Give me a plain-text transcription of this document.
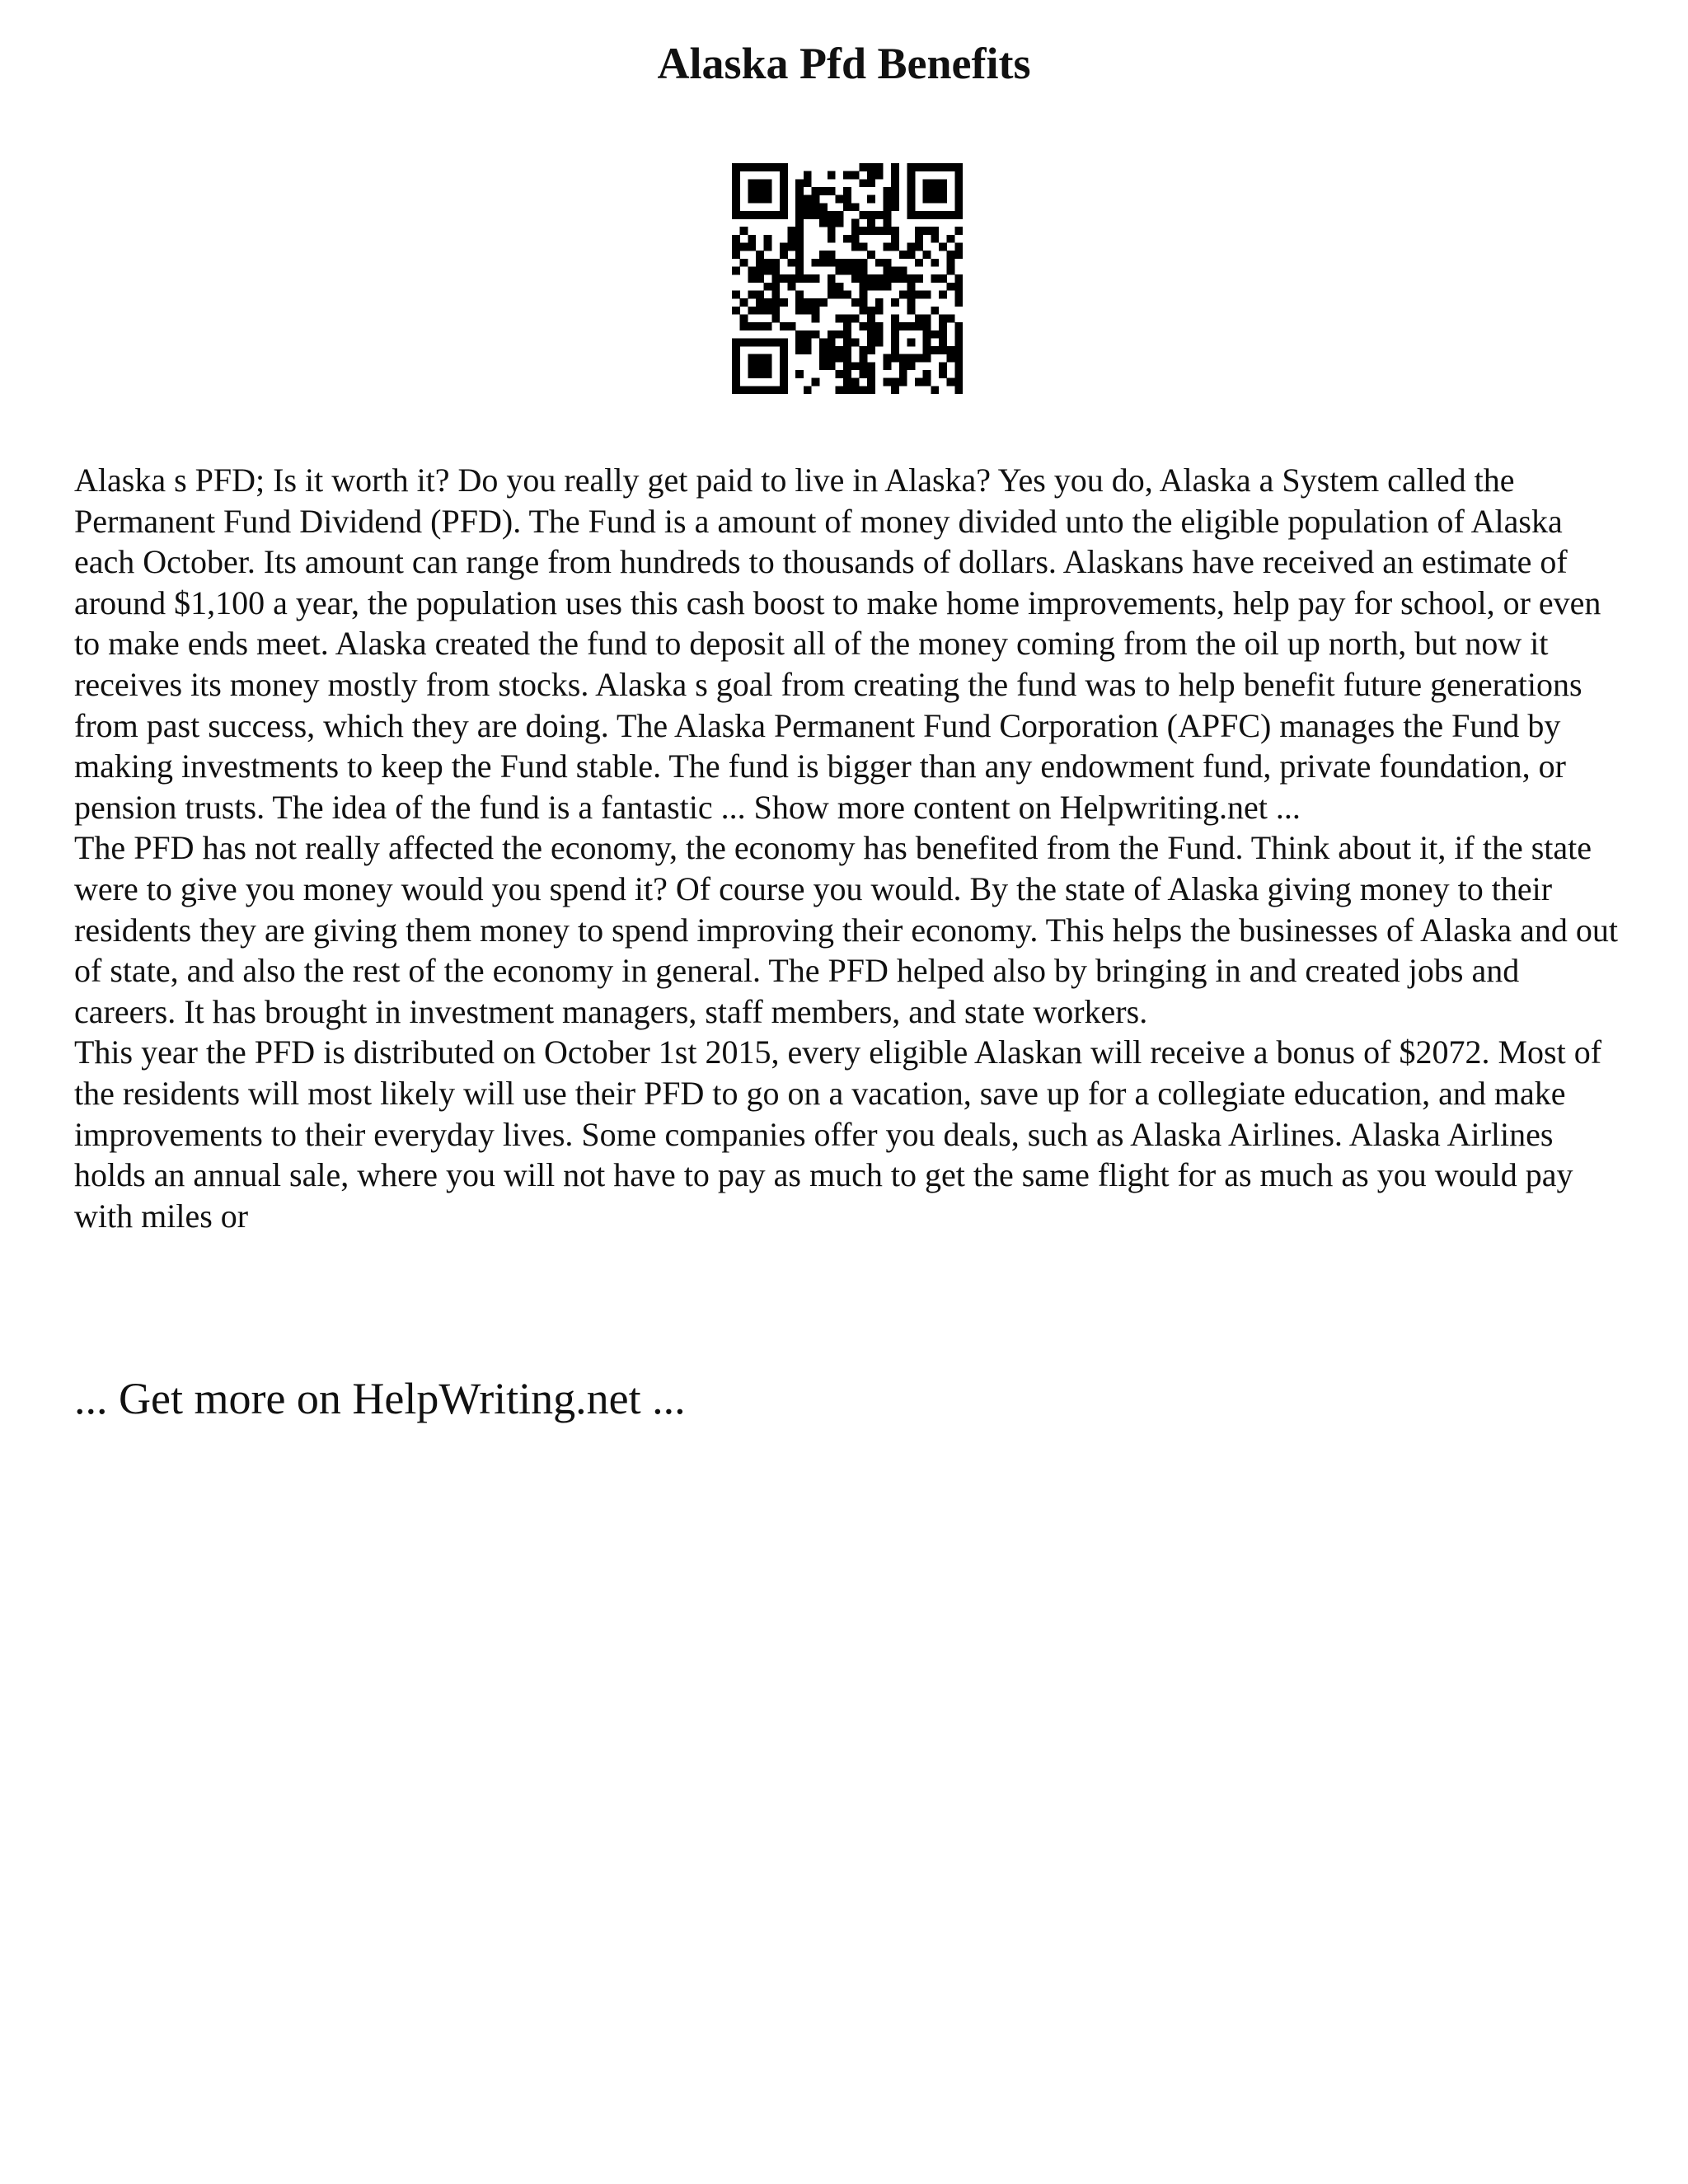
Alaska Pfd Benefits

Alaska s PFD; Is it worth it? Do you really get paid to live in Alaska? Yes you do, Alaska a System called the Permanent Fund Dividend (PFD). The Fund is a amount of money divided unto the eligible population of Alaska each October. Its amount can range from hundreds to thousands of dollars. Alaskans have received an estimate of around $1,100 a year, the population uses this cash boost to make home improvements, help pay for school, or even to make ends meet. Alaska created the fund to deposit all of the money coming from the oil up north, but now it receives its money mostly from stocks. Alaska s goal from creating the fund was to help benefit future generations from past success, which they are doing. The Alaska Permanent Fund Corporation (APFC) manages the Fund by making investments to keep the Fund stable. The fund is bigger than any endowment fund, private foundation, or pension trusts. The idea of the fund is a fantastic ... Show more content on Helpwriting.net ...

The PFD has not really affected the economy, the economy has benefited from the Fund. Think about it, if the state were to give you money would you spend it? Of course you would. By the state of Alaska giving money to their residents they are giving them money to spend improving their economy. This helps the businesses of Alaska and out of state, and also the rest of the economy in general. The PFD helped also by bringing in and created jobs and careers. It has brought in investment managers, staff members, and state workers.

This year the PFD is distributed on October 1st 2015, every eligible Alaskan will receive a bonus of $2072. Most of the residents will most likely will use their PFD to go on a vacation, save up for a collegiate education, and make improvements to their everyday lives. Some companies offer you deals, such as Alaska Airlines. Alaska Airlines holds an annual sale, where you will not have to pay as much to get the same flight for as much as you would pay with miles or

... Get more on HelpWriting.net ...
